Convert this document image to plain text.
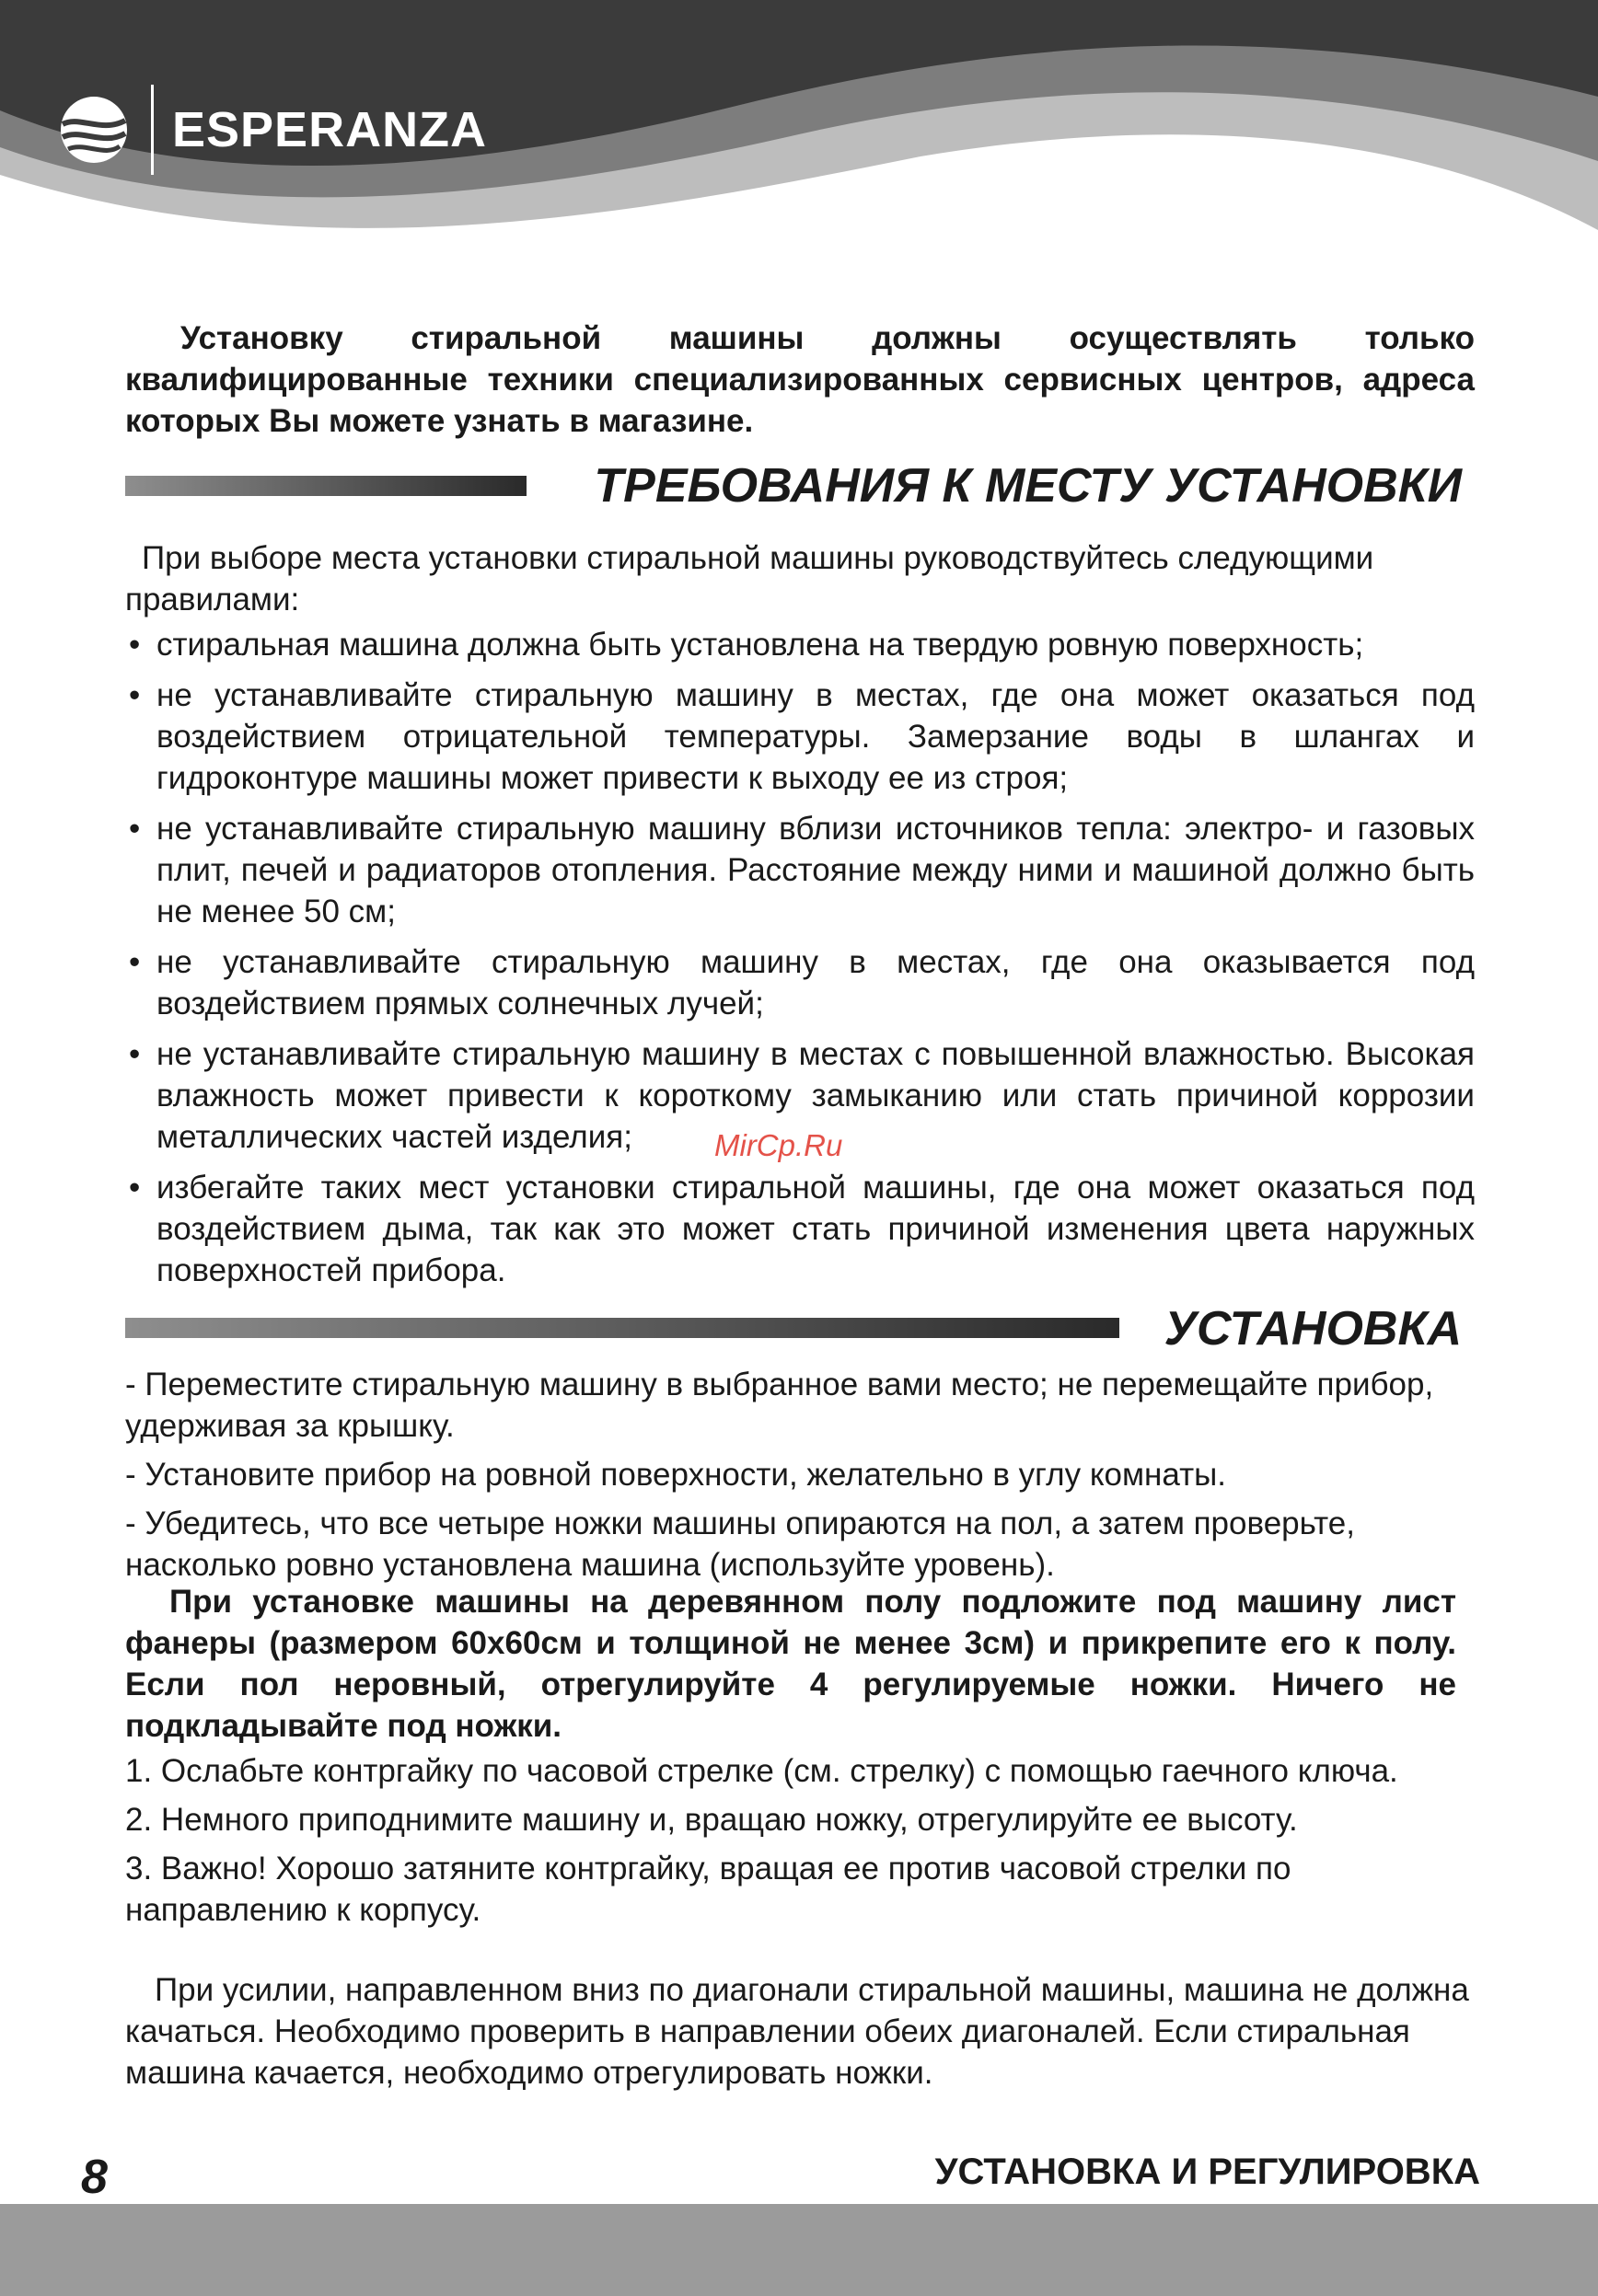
ESPERANZA

Установку стиральной машины должны осуществлять только квалифицированные техники специализированных сервисных центров, адреса которых Вы можете узнать в магазине.

ТРЕБОВАНИЯ К МЕСТУ УСТАНОВКИ

При выборе места установки стиральной машины руководствуйтесь следующими правилами:

• стиральная машина должна быть установлена на твердую ровную поверхность;
• не устанавливайте стиральную машину в местах, где она может оказаться под воздействием отрицательной температуры. Замерзание воды в шлангах и гидроконтуре машины может привести к выходу ее из строя;
• не устанавливайте стиральную машину вблизи источников тепла: электро- и газовых плит, печей и радиаторов отопления. Расстояние между ними и машиной должно быть не менее 50 см;
• не устанавливайте стиральную машину в местах, где она оказывается под воздействием прямых солнечных лучей;
• не устанавливайте стиральную машину в местах с повышенной влажностью. Высокая влажность может привести к короткому замыканию или стать причиной коррозии металлических частей изделия;
• избегайте таких мест установки стиральной машины, где она может оказаться под воздействием дыма, так как это может стать причиной изменения цвета наружных поверхностей прибора.
MirCp.Ru
УСТАНОВКА
- Переместите стиральную машину в выбранное вами место; не перемещайте прибор, удерживая за крышку.
- Установите прибор на ровной поверхности, желательно в углу комнаты.
- Убедитесь, что все четыре ножки машины опираются на пол, а затем проверьте, насколько ровно установлена машина (используйте уровень).

При установке машины на деревянном полу подложите под машину лист фанеры (размером 60х60см и толщиной не менее 3см) и прикрепите его к полу. Если пол неровный, отрегулируйте 4 регулируемые ножки. Ничего не подкладывайте под ножки.

1. Ослабьте контргайку по часовой стрелке (см. стрелку) с помощью гаечного ключа.
2. Немного приподнимите машину и, вращаю ножку, отрегулируйте ее высоту.
3. Важно! Хорошо затяните контргайку, вращая ее против часовой стрелки по направлению к корпусу.

При усилии, направленном вниз по диагонали стиральной машины, машина не должна качаться. Необходимо проверить в направлении обеих диагоналей. Если стиральная машина качается, необходимо отрегулировать ножки.

8	УСТАНОВКА И РЕГУЛИРОВКА
